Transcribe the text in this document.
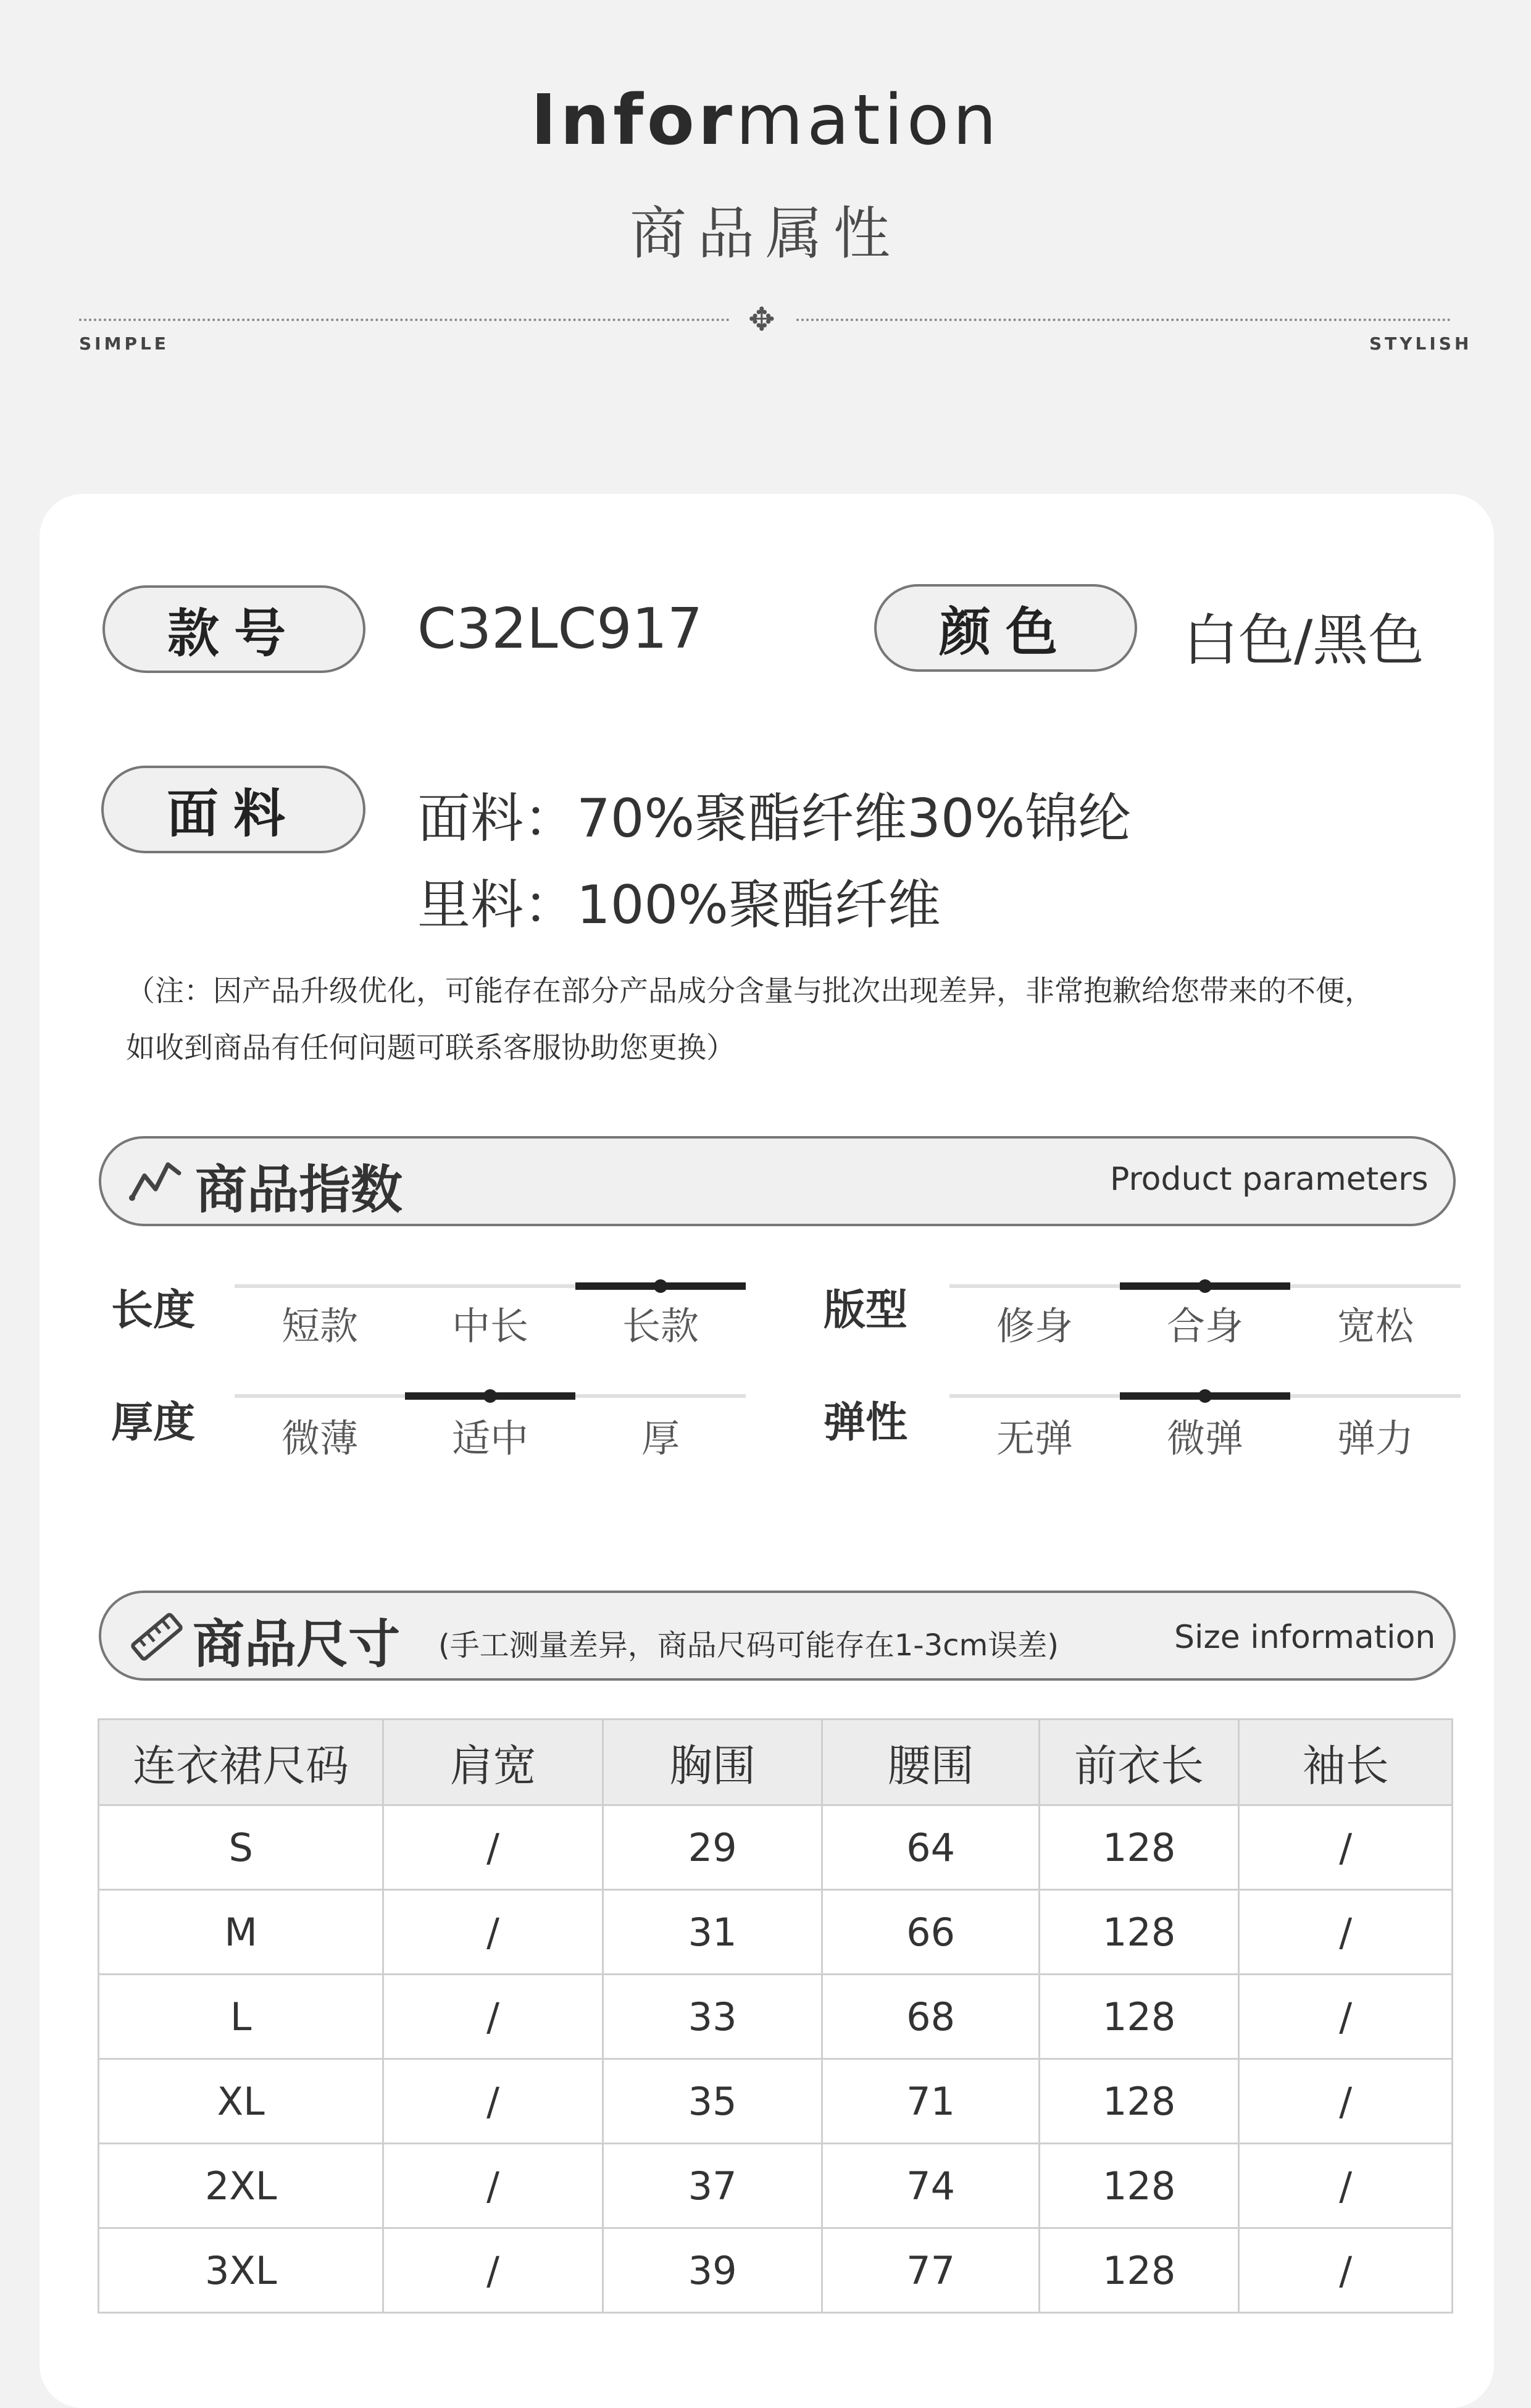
Information
商品属性
✥
SIMPLE	STYLISH
款号	C32LC917	颜色	白色/黑色
面料	面料：70%聚酯纤维30%锦纶
里料：100%聚酯纤维
（注：因产品升级优化，可能存在部分产品成分含量与批次出现差异，非常抱歉给您带来的不便，
如收到商品有任何问题可联系客服协助您更换）
商品指数	Product parameters
长度	短款	中长	长款	版型	修身	合身	宽松
厚度	微薄	适中	厚	弹性	无弹	微弹	弹力
商品尺寸 (手工测量差异，商品尺码可能存在1-3cm误差)	Size information
连衣裙尺码	肩宽	胸围	腰围	前衣长	袖长
S	/	29	64	128	/
M	/	31	66	128	/
L	/	33	68	128	/
XL	/	35	71	128	/
2XL	/	37	74	128	/
3XL	/	39	77	128	/
